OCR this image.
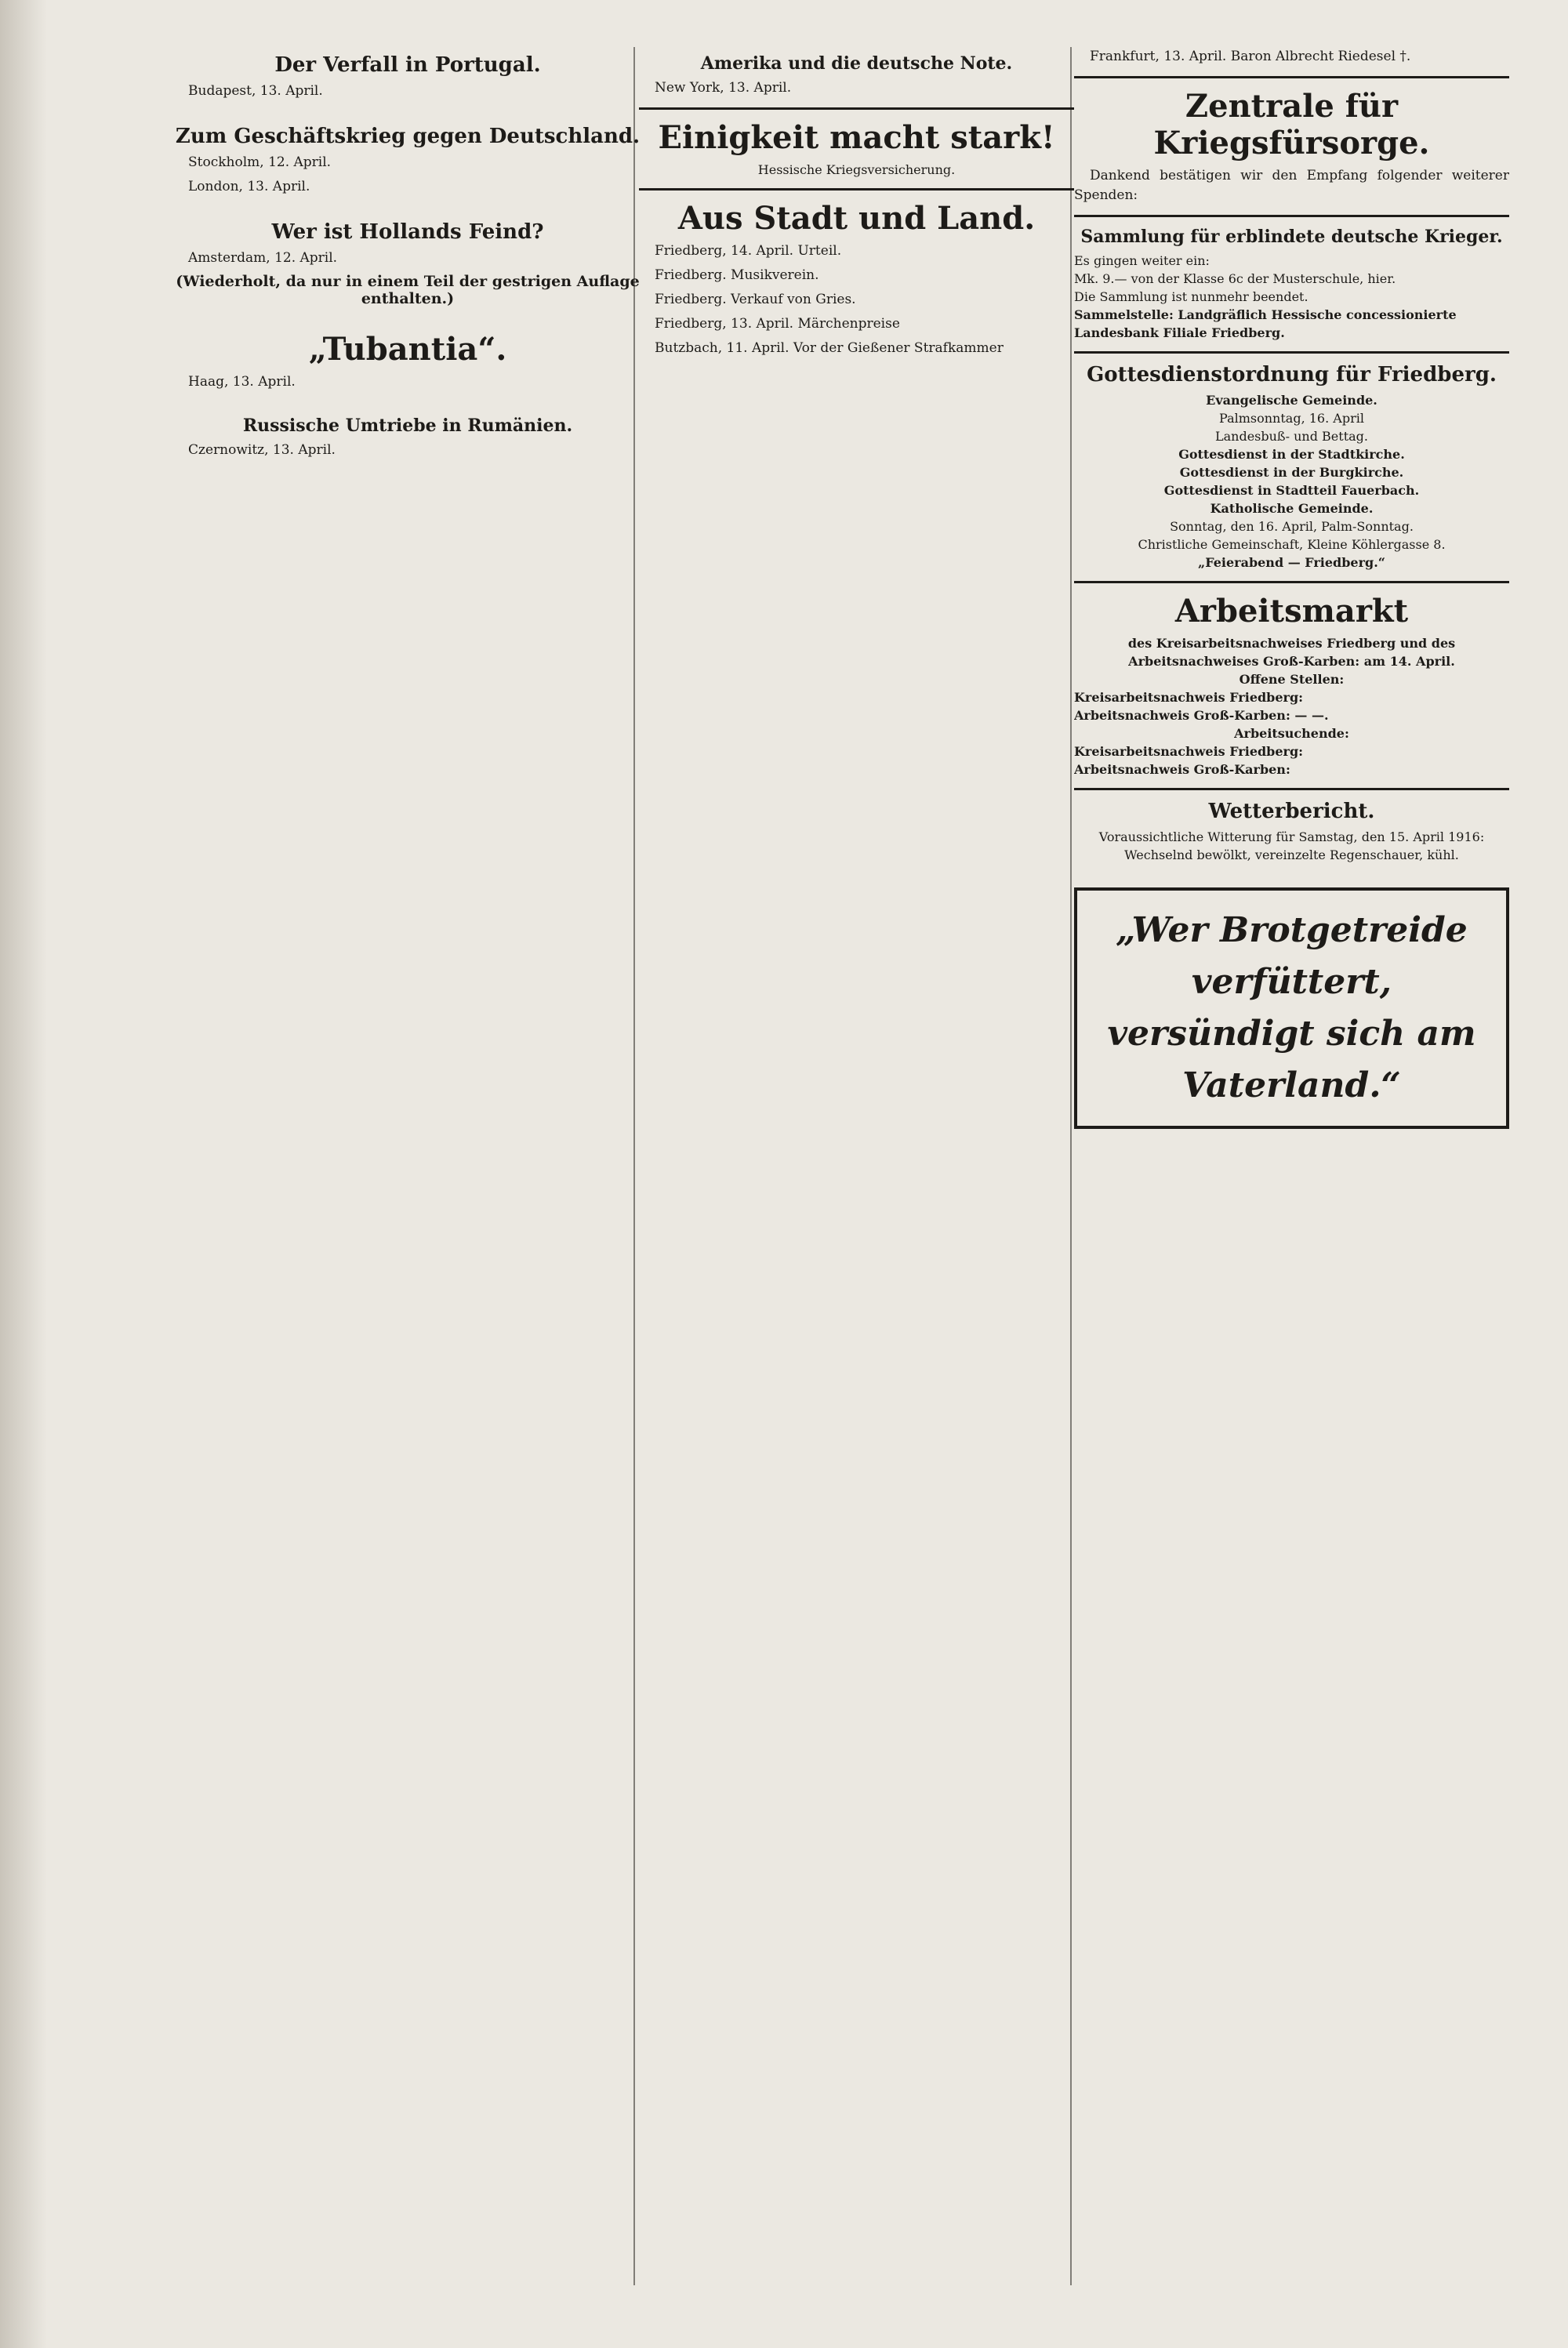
Der Verfall in Portugal.

Budapest, 13. April.

Zum Geschäftskrieg gegen Deutschland.

Stockholm, 12. April.

London, 13. April.

Wer ist Hollands Feind?

Amsterdam, 12. April.

(Wiederholt, da nur in einem Teil der gestrigen Auflage enthalten.)
„Tubantia“.

Haag, 13. April.

Russische Umtriebe in Rumänien.

Czernowitz, 13. April.

Amerika und die deutsche Note.

New York, 13. April.

Einigkeit macht stark!
Hessische Kriegsversicherung.
Aus Stadt und Land.

Friedberg, 14. April. Urteil.

Friedberg. Musikverein.

Friedberg. Verkauf von Gries.

Friedberg, 13. April. Märchenpreise

Butzbach, 11. April. Vor der Gießener Strafkammer

Frankfurt, 13. April. Baron Albrecht Riedesel †.

Zentrale für Kriegsfürsorge.

Dankend bestätigen wir den Empfang folgender weiterer Spenden:

Sammlung für erblindete deutsche Krieger.

Es gingen weiter ein:

Mk. 9.— von der Klasse 6c der Musterschule, hier.

Die Sammlung ist nunmehr beendet.

Sammelstelle: Landgräflich Hessische concessionierte Landesbank Filiale Friedberg.

Gottesdienstordnung für Friedberg.

Evangelische Gemeinde.

Palmsonntag, 16. April

Landesbuß- und Bettag.

Gottesdienst in der Stadtkirche.

Gottesdienst in der Burgkirche.

Gottesdienst in Stadtteil Fauerbach.

Katholische Gemeinde.

Sonntag, den 16. April, Palm-Sonntag.

Christliche Gemeinschaft, Kleine Köhlergasse 8.

„Feierabend — Friedberg.“

Arbeitsmarkt

des Kreisarbeitsnachweises Friedberg und des Arbeitsnachweises Groß-Karben: am 14. April.

Offene Stellen:

Kreisarbeitsnachweis Friedberg:

Arbeitsnachweis Groß-Karben: — —.

Arbeitsuchende:

Kreisarbeitsnachweis Friedberg:

Arbeitsnachweis Groß-Karben:

Wetterbericht.

Voraussichtliche Witterung für Samstag, den 15. April 1916: Wechselnd bewölkt, vereinzelte Regenschauer, kühl.

„Wer Brotgetreide verfüttert,
versündigt sich am Vaterland.“
